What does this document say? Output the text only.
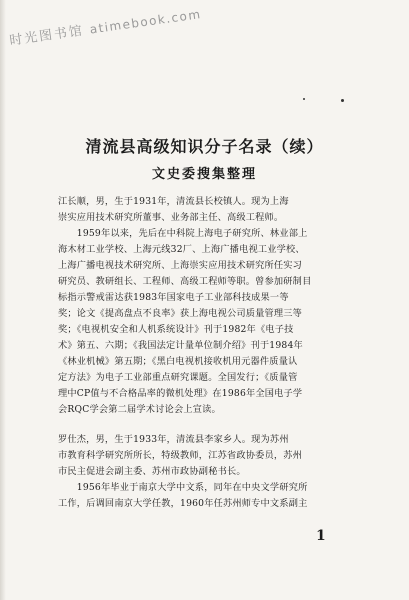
时光图书馆 atimebook.com
清流县高级知识分子名录（续）
文史委搜集整理
江长顺，男，生于1931年，清流县长校镇人。现为上海
崇实应用技术研究所董事、业务部主任、高级工程师。
　　1959年以来，先后在中科院上海电子研究所、林业部上
海木材工业学校、上海元线32厂、上海广播电视工业学校、
上海广播电视技术研究所、上海崇实应用技术研究所任实习
研究员、教研组长、工程师、高级工程师等职。曾参加研制目
标指示警戒雷达获1983年国家电子工业部科技成果一等
奖；论文《提高盘点不良率》获上海电视公司质量管理三等
奖；《电视机安全和人机系统设计》刊于1982年《电子技
术》第五、六期；《我国法定计量单位制介绍》刊于1984年
《林业机械》第五期；《黑白电视机接收机用元器件质量认
定方法》为电子工业部重点研究课题。全国发行；《质量管
理中CP值与不合格品率的微机处理》在1986年全国电子学
会RQC学会第二届学术讨论会上宣读。
罗仕杰，男，生于1933年，清流县李家乡人。现为苏州
市教育科学研究所所长，特级教师，江苏省政协委员，苏州
市民主促进会副主委、苏州市政协副秘书长。
　　1956年毕业于南京大学中文系，同年在中央文学研究所
工作，后调回南京大学任教，1960年任苏州师专中文系副主
1
